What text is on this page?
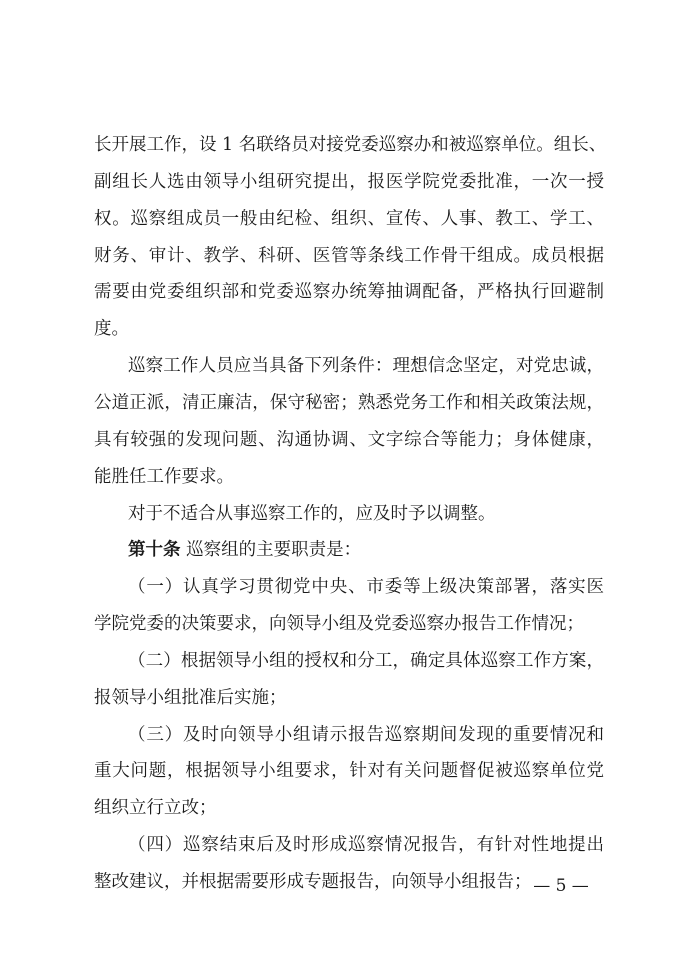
长开展工作，设 1 名联络员对接党委巡察办和被巡察单位。组长、
副组长人选由领导小组研究提出，报医学院党委批准，一次一授
权。巡察组成员一般由纪检、组织、宣传、人事、教工、学工、
财务、审计、教学、科研、医管等条线工作骨干组成。成员根据
需要由党委组织部和党委巡察办统筹抽调配备，严格执行回避制
度。
巡察工作人员应当具备下列条件：理想信念坚定，对党忠诚，
公道正派，清正廉洁，保守秘密；熟悉党务工作和相关政策法规，
具有较强的发现问题、沟通协调、文字综合等能力；身体健康，
能胜任工作要求。
对于不适合从事巡察工作的，应及时予以调整。
第十条 巡察组的主要职责是：
（一）认真学习贯彻党中央、市委等上级决策部署，落实医
学院党委的决策要求，向领导小组及党委巡察办报告工作情况；
（二）根据领导小组的授权和分工，确定具体巡察工作方案，
报领导小组批准后实施；
（三）及时向领导小组请示报告巡察期间发现的重要情况和
重大问题，根据领导小组要求，针对有关问题督促被巡察单位党
组织立行立改；
（四）巡察结束后及时形成巡察情况报告，有针对性地提出
整改建议，并根据需要形成专题报告，向领导小组报告； — 5 —
